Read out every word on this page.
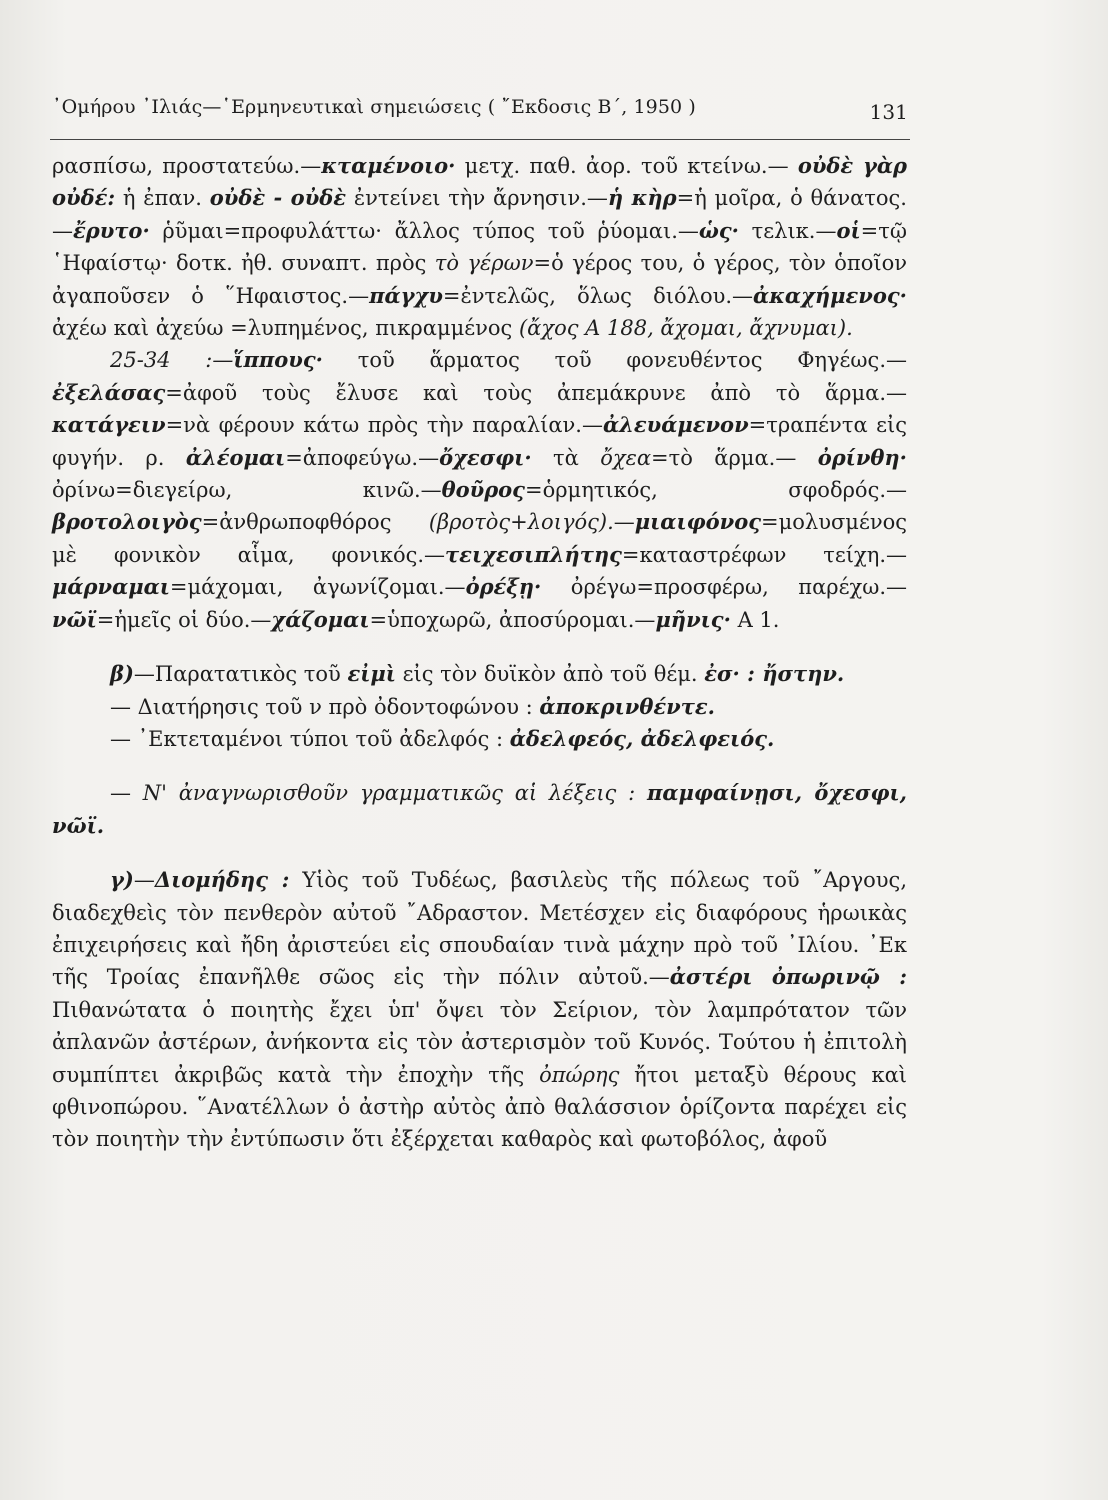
᾿Ομήρου ᾿Ιλιάς—῾Ερμηνευτικαὶ σημειώσεις ( ῎Εκδοσις Β΄, 1950 )	131

ρασπίσω, προστατεύω.—κταμένοιο· μετχ. παθ. ἀορ. τοῦ κτείνω.— οὐδὲ γὰρ οὐδέ: ἡ ἐπαν. οὐδὲ - οὐδὲ ἐντείνει τὴν ἄρνησιν.—ἡ κὴρ=ἡ μοῖρα, ὁ θάνατος.—ἔρυτο· ῥῦμαι=προφυλάττω· ἄλλος τύπος τοῦ ῥύομαι.—ὡς· τελικ.—οἱ=τῷ ῾Ηφαίστῳ· δοτκ. ἠθ. συναπτ. πρὸς τὸ γέρων=ὁ γέρος του, ὁ γέρος, τὸν ὁποῖον ἀγαποῦσεν ὁ ῞Ηφαιστος.—πάγχυ=ἐντελῶς, ὅλως διόλου.—ἀκαχήμενος· ἀχέω καὶ ἀχεύω =λυπημένος, πικραμμένος (ἄχος Α 188, ἄχομαι, ἄχνυμαι).

25-34 :—ἵππους· τοῦ ἅρματος τοῦ φονευθέντος Φηγέως.—ἐξελάσας=ἀφοῦ τοὺς ἔλυσε καὶ τοὺς ἀπεμάκρυνε ἀπὸ τὸ ἅρμα.—κατάγειν=νὰ φέρουν κάτω πρὸς τὴν παραλίαν.—ἀλευάμενον=τραπέντα εἰς φυγήν. ρ. ἀλέομαι=ἀποφεύγω.—ὄχεσφι· τὰ ὄχεα=τὸ ἅρμα.— ὀρίνθη· ὀρίνω=διεγείρω, κινῶ.—θοῦρος=ὁρμητικός, σφοδρός.— βροτολοιγὸς=ἀνθρωποφθόρος (βροτὸς+λοιγός).—μιαιφόνος=μολυσμένος μὲ φονικὸν αἷμα, φονικός.—τειχεσιπλήτης=καταστρέφων τείχη.—μάρναμαι=μάχομαι, ἀγωνίζομαι.—ὀρέξῃ· ὀρέγω=προσφέρω, παρέχω.—νῶϊ=ἡμεῖς οἱ δύο.—χάζομαι=ὑποχωρῶ, ἀποσύρομαι.—μῆνις· Α 1.

β)—Παρατατικὸς τοῦ εἰμὶ εἰς τὸν δυϊκὸν ἀπὸ τοῦ θέμ. ἐσ· : ἤστην.

— Διατήρησις τοῦ ν πρὸ ὀδοντοφώνου : ἀποκρινθέντε.

— ᾿Εκτεταμένοι τύποι τοῦ ἀδελφός : ἀδελφεός, ἀδελφειός.

— Ν' ἀναγνωρισθοῦν γραμματικῶς αἱ λέξεις : παμφαίνῃσι, ὄχεσφι, νῶϊ.

γ)—Διομήδης : Υἱὸς τοῦ Τυδέως, βασιλεὺς τῆς πόλεως τοῦ ῎Αργους, διαδεχθεὶς τὸν πενθερὸν αὐτοῦ ῎Αδραστον. Μετέσχεν εἰς διαφόρους ἡρωικὰς ἐπιχειρήσεις καὶ ἤδη ἀριστεύει εἰς σπουδαίαν τινὰ μάχην πρὸ τοῦ ᾿Ιλίου. ᾿Εκ τῆς Τροίας ἐπανῆλθε σῶος εἰς τὴν πόλιν αὐτοῦ.—ἀστέρι ὀπωρινῷ : Πιθανώτατα ὁ ποιητὴς ἔχει ὑπ' ὄψει τὸν Σείριον, τὸν λαμπρότατον τῶν ἀπλανῶν ἀστέρων, ἀνήκοντα εἰς τὸν ἀστερισμὸν τοῦ Κυνός. Τούτου ἡ ἐπιτολὴ συμπίπτει ἀκριβῶς κατὰ τὴν ἐποχὴν τῆς ὀπώρης ἤτοι μεταξὺ θέρους καὶ φθινοπώρου. ῞Ανατέλλων ὁ ἀστὴρ αὐτὸς ἀπὸ θαλάσσιον ὁρίζοντα παρέχει εἰς τὸν ποιητὴν τὴν ἐντύπωσιν ὅτι ἐξέρχεται καθαρὸς καὶ φωτοβόλος, ἀφοῦ
